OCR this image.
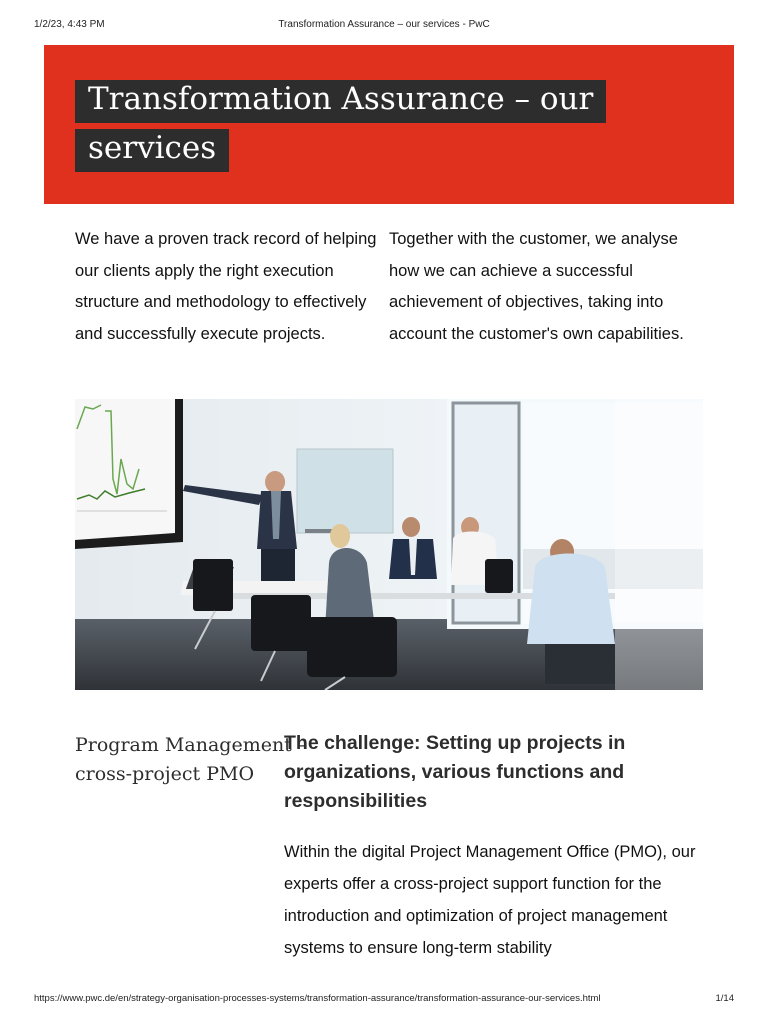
1/2/23, 4:43 PM	Transformation Assurance – our services - PwC
Transformation Assurance – our services

We have a proven track record of helping our clients apply the right execution structure and methodology to effectively and successfully execute projects.

Together with the customer, we analyse how we can achieve a successful achievement of objectives, taking into account the customer's own capabilities.

Program Management – cross-project PMO
The challenge: Setting up projects in organizations, various functions and responsibilities

Within the digital Project Management Office (PMO), our experts offer a cross-project support function for the introduction and optimization of project management systems to ensure long-term stability

https://www.pwc.de/en/strategy-organisation-processes-systems/transformation-assurance/transformation-assurance-our-services.html	1/14
